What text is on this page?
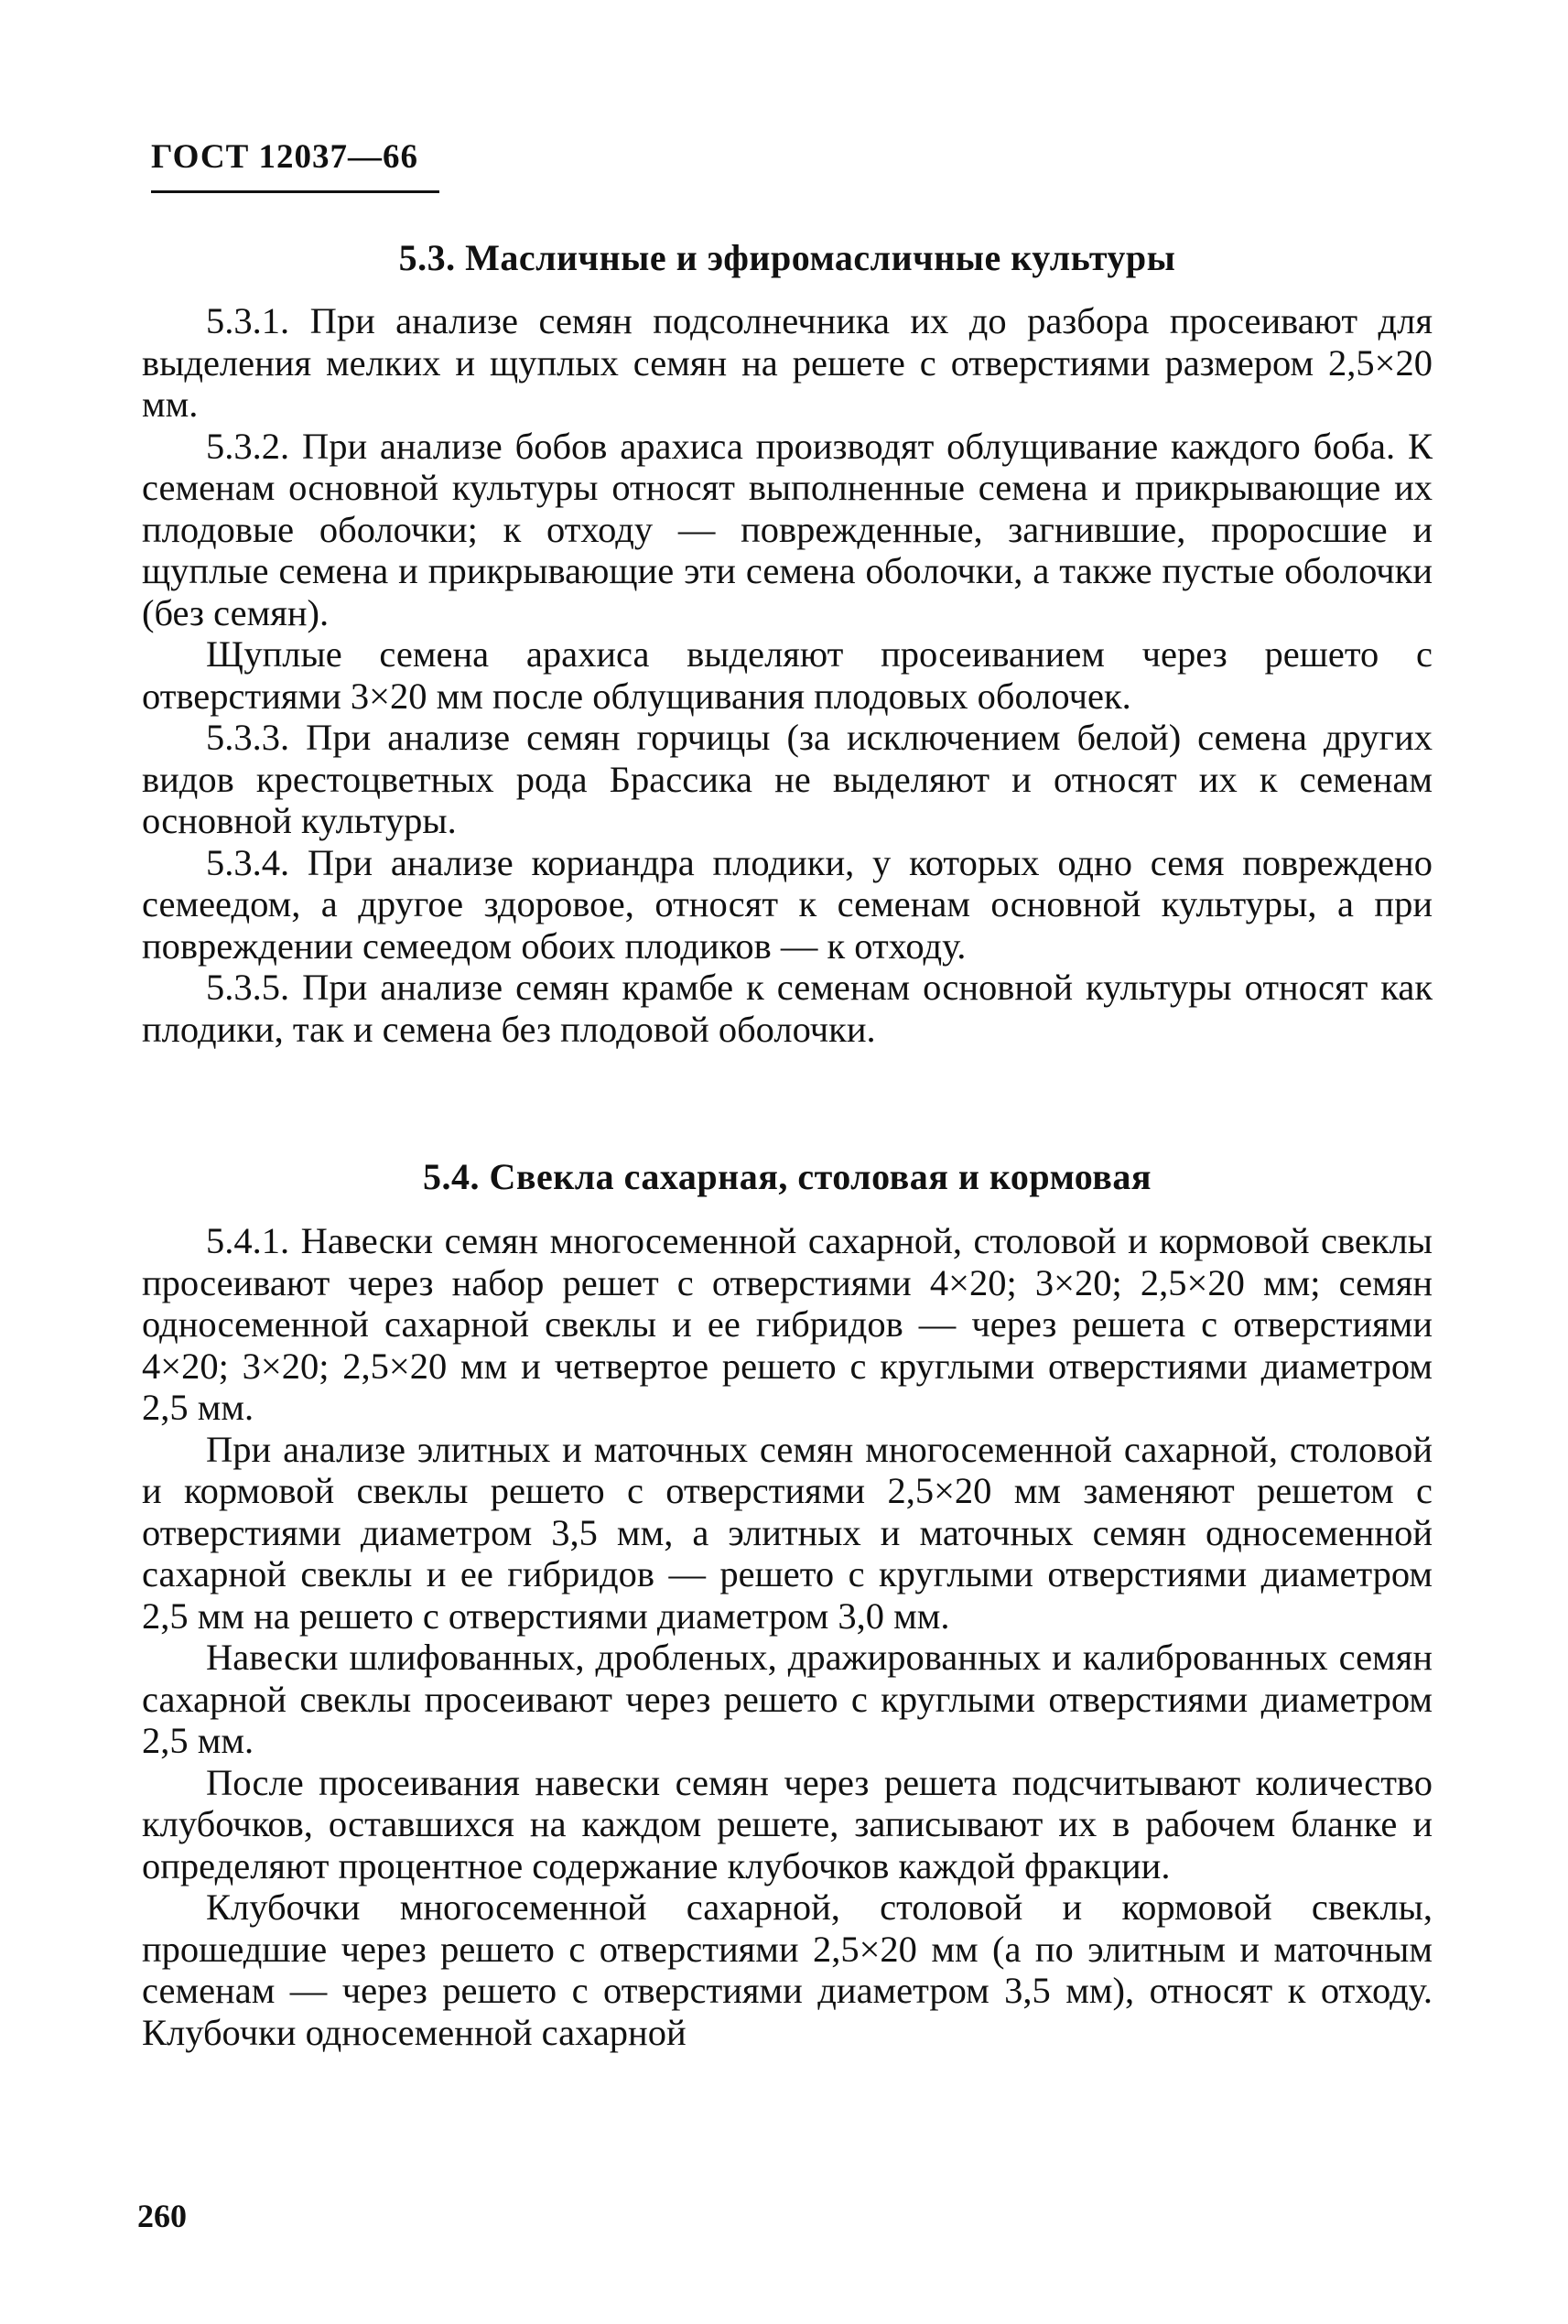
ГОСТ 12037—66
5.3. Масличные и эфиромасличные культуры

5.3.1. При анализе семян подсолнечника их до разбора просеивают для выделения мелких и щуплых семян на решете с отверстиями размером 2,5×20 мм.

5.3.2. При анализе бобов арахиса производят облущивание каждого боба. К семенам основной культуры относят выполненные семена и прикрывающие их плодовые оболочки; к отходу — поврежденные, загнившие, проросшие и щуплые семена и прикрывающие эти семена оболочки, а также пустые оболочки (без семян).

Щуплые семена арахиса выделяют просеиванием через решето с отверстиями 3×20 мм после облущивания плодовых оболочек.

5.3.3. При анализе семян горчицы (за исключением белой) семена других видов крестоцветных рода Брассика не выделяют и относят их к семенам основной культуры.

5.3.4. При анализе кориандра плодики, у которых одно семя повреждено семеедом, а другое здоровое, относят к семенам основной культуры, а при повреждении семеедом обоих плодиков — к отходу.

5.3.5. При анализе семян крамбе к семенам основной культуры относят как плодики, так и семена без плодовой оболочки.

5.4. Свекла сахарная, столовая и кормовая

5.4.1. Навески семян многосеменной сахарной, столовой и кормовой свеклы просеивают через набор решет с отверстиями 4×20; 3×20; 2,5×20 мм; семян односеменной сахарной свеклы и ее гибридов — через решета с отверстиями 4×20; 3×20; 2,5×20 мм и четвертое решето с круглыми отверстиями диаметром 2,5 мм.

При анализе элитных и маточных семян многосеменной сахарной, столовой и кормовой свеклы решето с отверстиями 2,5×20 мм заменяют решетом с отверстиями диаметром 3,5 мм, а элитных и маточных семян односеменной сахарной свеклы и ее гибридов — решето с круглыми отверстиями диаметром 2,5 мм на решето с отверстиями диаметром 3,0 мм.

Навески шлифованных, дробленых, дражированных и калиброванных семян сахарной свеклы просеивают через решето с круглыми отверстиями диаметром 2,5 мм.

После просеивания навески семян через решета подсчитывают количество клубочков, оставшихся на каждом решете, записывают их в рабочем бланке и определяют процентное содержание клубочков каждой фракции.

Клубочки многосеменной сахарной, столовой и кормовой свеклы, прошедшие через решето с отверстиями 2,5×20 мм (а по элитным и маточным семенам — через решето с отверстиями диаметром 3,5 мм), относят к отходу. Клубочки односеменной сахарной

260
